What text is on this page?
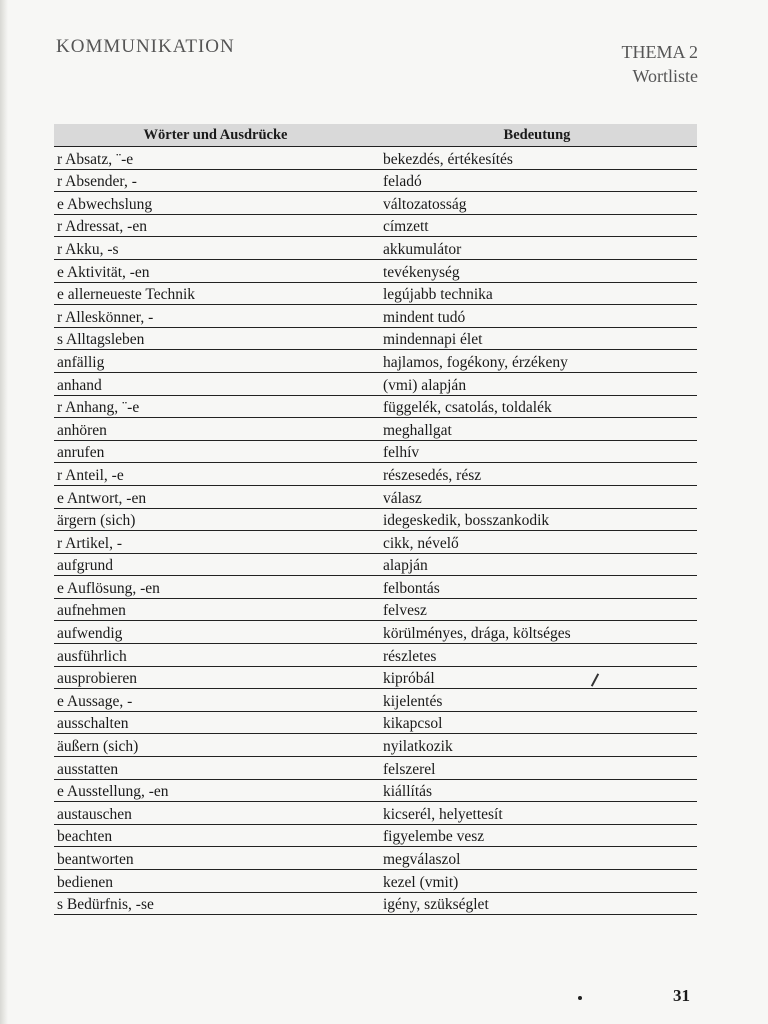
KOMMUNIKATION	THEMA 2
Wortliste
Wörter und Ausdrücke	Bedeutung
r Absatz, ¨-e	bekezdés, értékesítés
r Absender, -	feladó
e Abwechslung	változatosság
r Adressat, -en	címzett
r Akku, -s	akkumulátor
e Aktivität, -en	tevékenység
e allerneueste Technik	legújabb technika
r Alleskönner, -	mindent tudó
s Alltagsleben	mindennapi élet
anfällig	hajlamos, fogékony, érzékeny
anhand	(vmi) alapján
r Anhang, ¨-e	függelék, csatolás, toldalék
anhören	meghallgat
anrufen	felhív
r Anteil, -e	részesedés, rész
e Antwort, -en	válasz
ärgern (sich)	idegeskedik, bosszankodik
r Artikel, -	cikk, névelő
aufgrund	alapján
e Auflösung, -en	felbontás
aufnehmen	felvesz
aufwendig	körülményes, drága, költséges
ausführlich	részletes
ausprobieren	kipróbál
e Aussage, -	kijelentés
ausschalten	kikapcsol
äußern (sich)	nyilatkozik
ausstatten	felszerel
e Ausstellung, -en	kiállítás
austauschen	kicserél, helyettesít
beachten	figyelembe vesz
beantworten	megválaszol
bedienen	kezel (vmit)
s Bedürfnis, -se	igény, szükséglet
31
